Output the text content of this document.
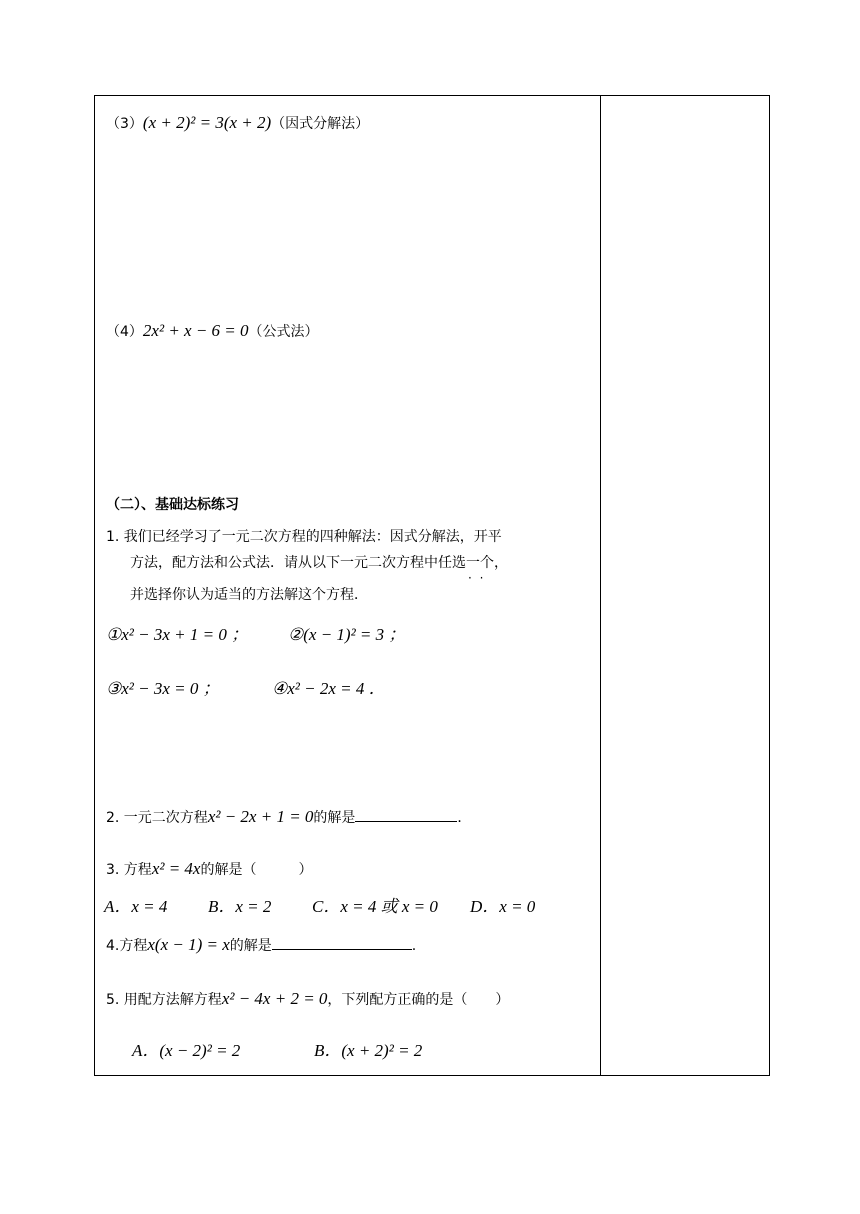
（3）(x + 2)² = 3(x + 2)（因式分解法）
（4）2x² + x − 6 = 0（公式法）
（二）、基础达标练习
1. 我们已经学习了一元二次方程的四种解法：因式分解法，开平
方法，配方法和公式法．请从以下一元二次方程中任选一个 · ·，
并选择你认为适当的方法解这个方程．
①x² − 3x + 1 = 0 ； ②(x − 1)² = 3 ；
③x² − 3x = 0 ；	④x² − 2x = 4 ．
2. 一元二次方程x² − 2x + 1 = 0的解是	．
3. 方程x² = 4x的解是（　　　）
A．x = 4 B．x = 2 C．x = 4 或 x = 0 D．x = 0
4.方程x(x − 1) = x的解是	.
5. 用配方法解方程x² − 4x + 2 = 0，下列配方正确的是（　　）
A．(x − 2)² = 2	B．(x + 2)² = 2
